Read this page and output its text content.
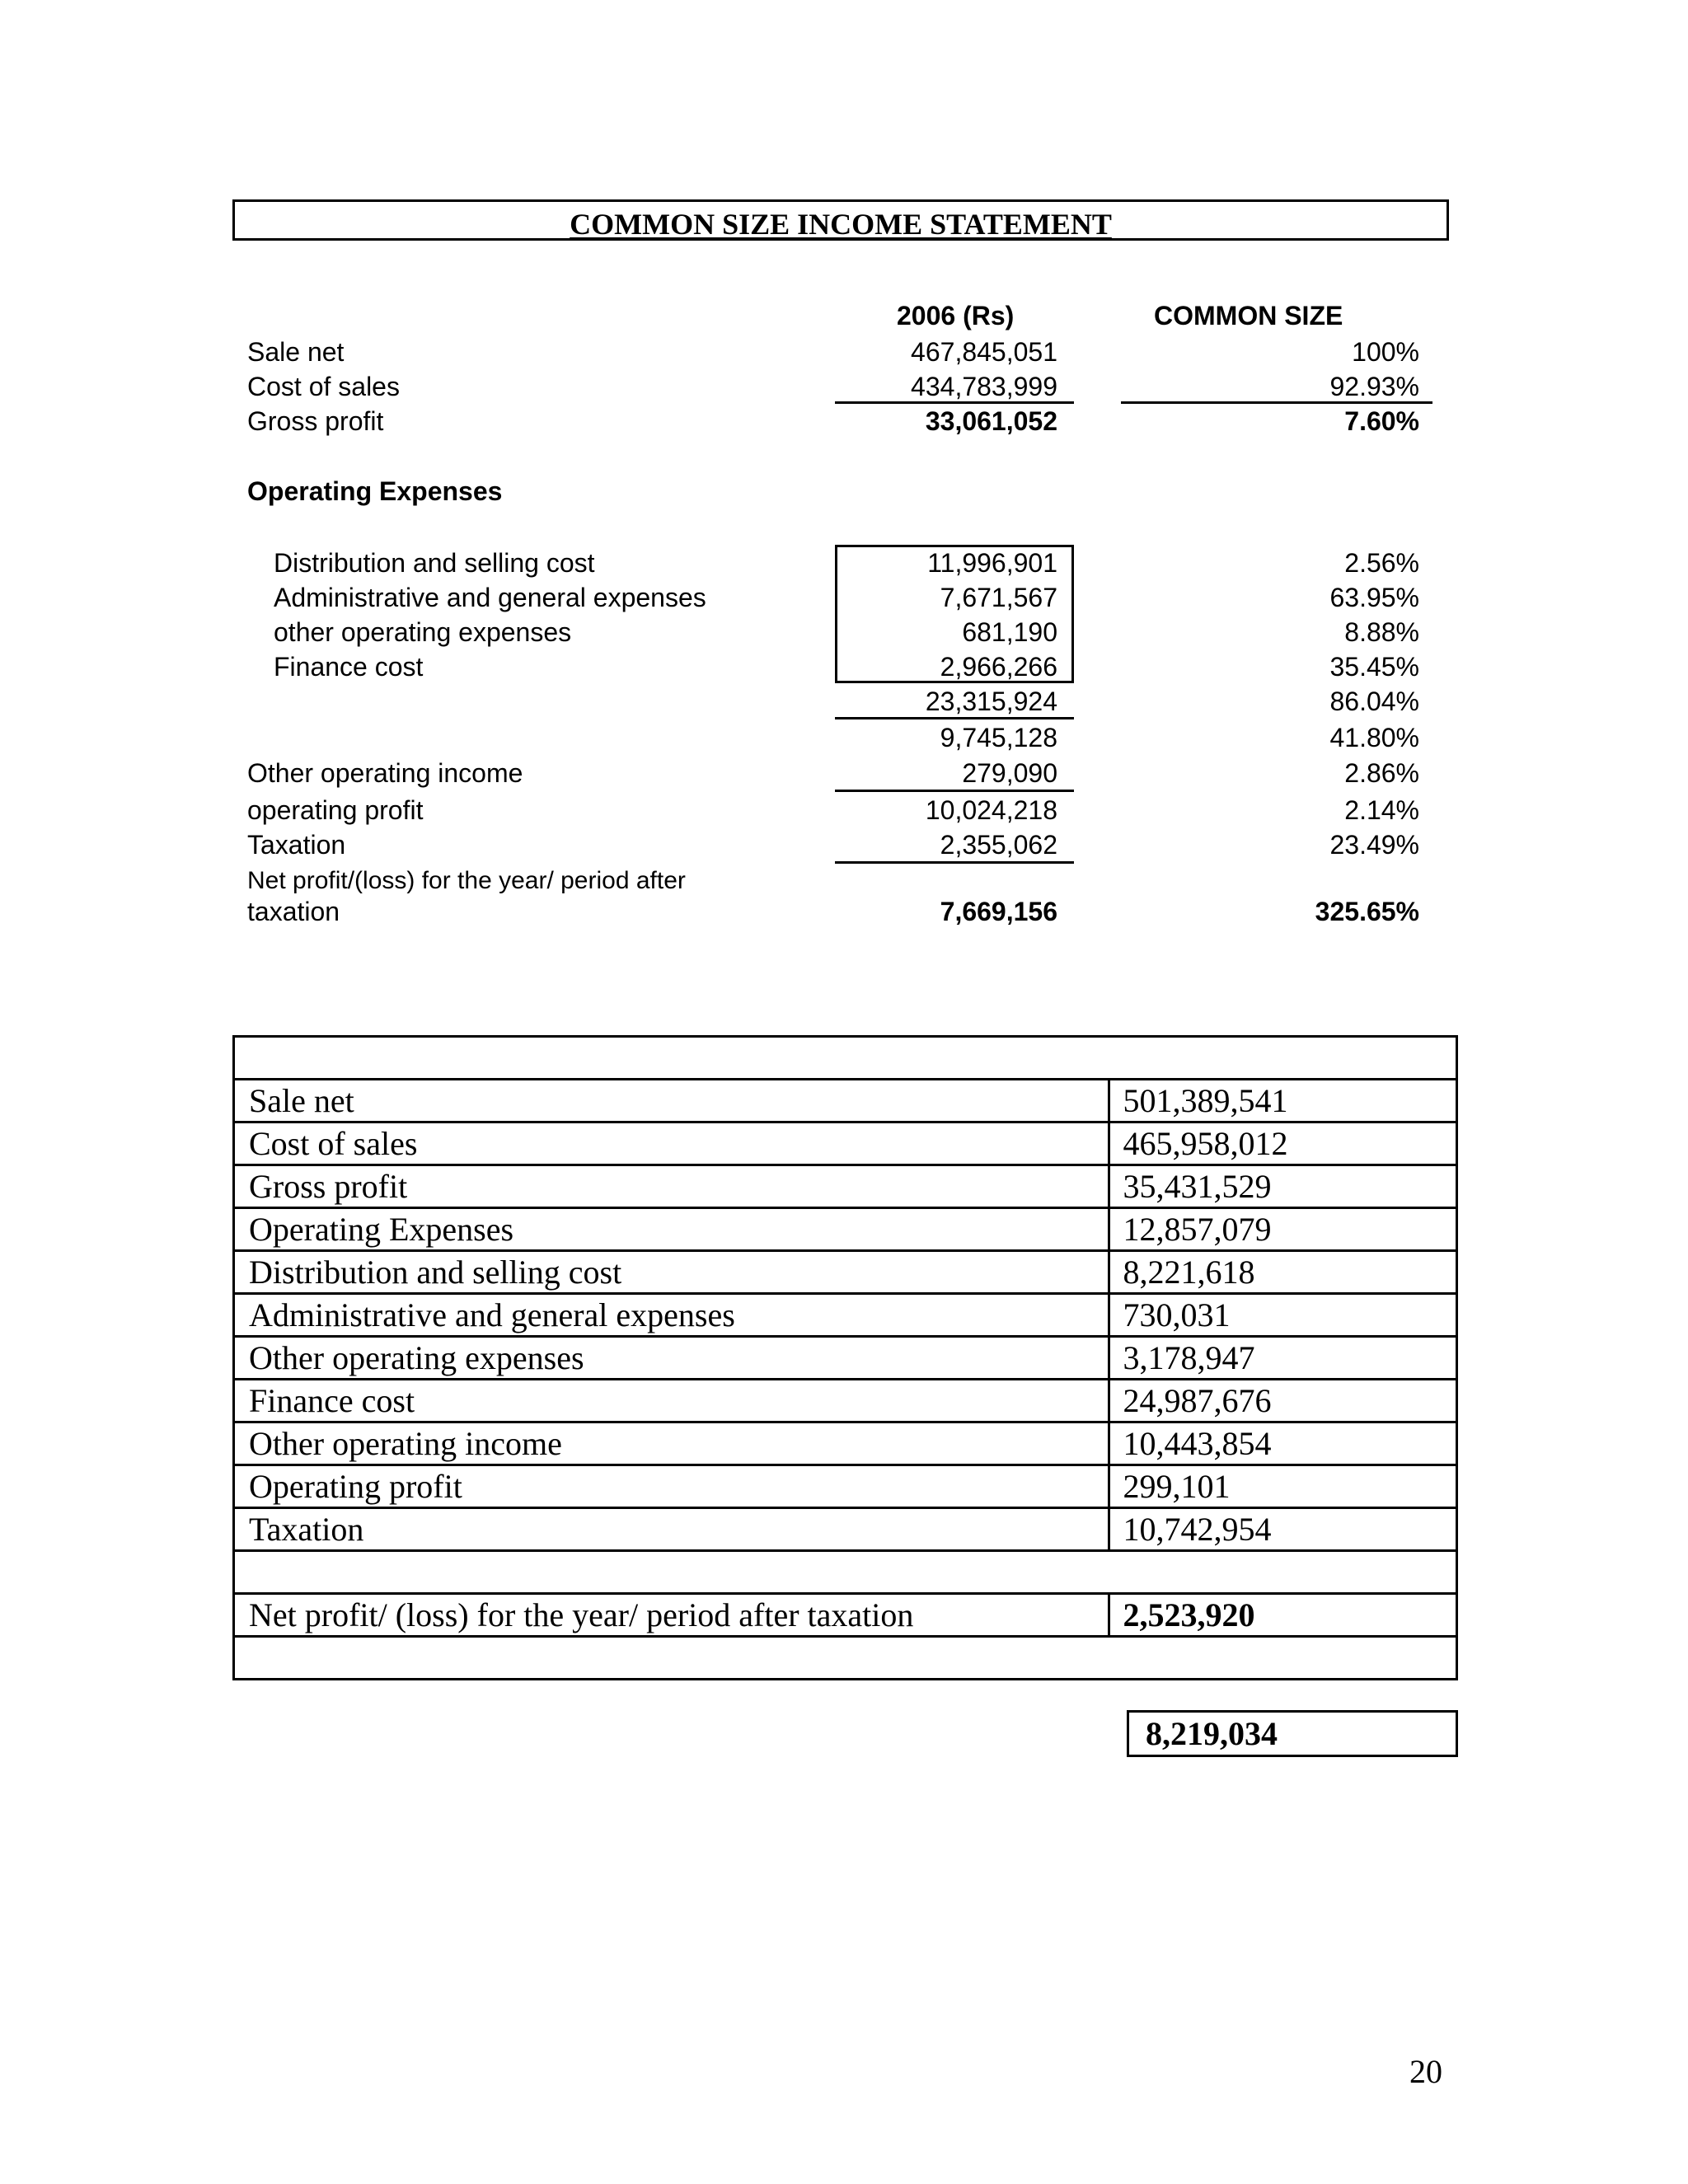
COMMON SIZE INCOME STATEMENT
2006 (Rs)	COMMON SIZE
Sale net	467,845,051	100%
Cost of sales	434,783,999	92.93%
Gross profit	33,061,052	7.60%
Operating Expenses
Distribution and selling cost	11,996,901	2.56%
Administrative and general expenses	7,671,567	63.95%
other operating expenses	681,190	8.88%
Finance cost	2,966,266	35.45%
23,315,924	86.04%
9,745,128	41.80%
Other operating income	279,090	2.86%
operating profit	10,024,218	2.14%
Taxation	2,355,062	23.49%
Net profit/(loss) for the year/ period after
taxation	7,669,156	325.65%

Sale net	501,389,541
Cost of sales	465,958,012
Gross profit	35,431,529
Operating Expenses	12,857,079
Distribution and selling cost	8,221,618
Administrative and general expenses	730,031
Other operating expenses	3,178,947
Finance cost	24,987,676
Other operating income	10,443,854
Operating profit	299,101
Taxation	10,742,954

Net profit/ (loss) for the year/ period after taxation	2,523,920

8,219,034
20
